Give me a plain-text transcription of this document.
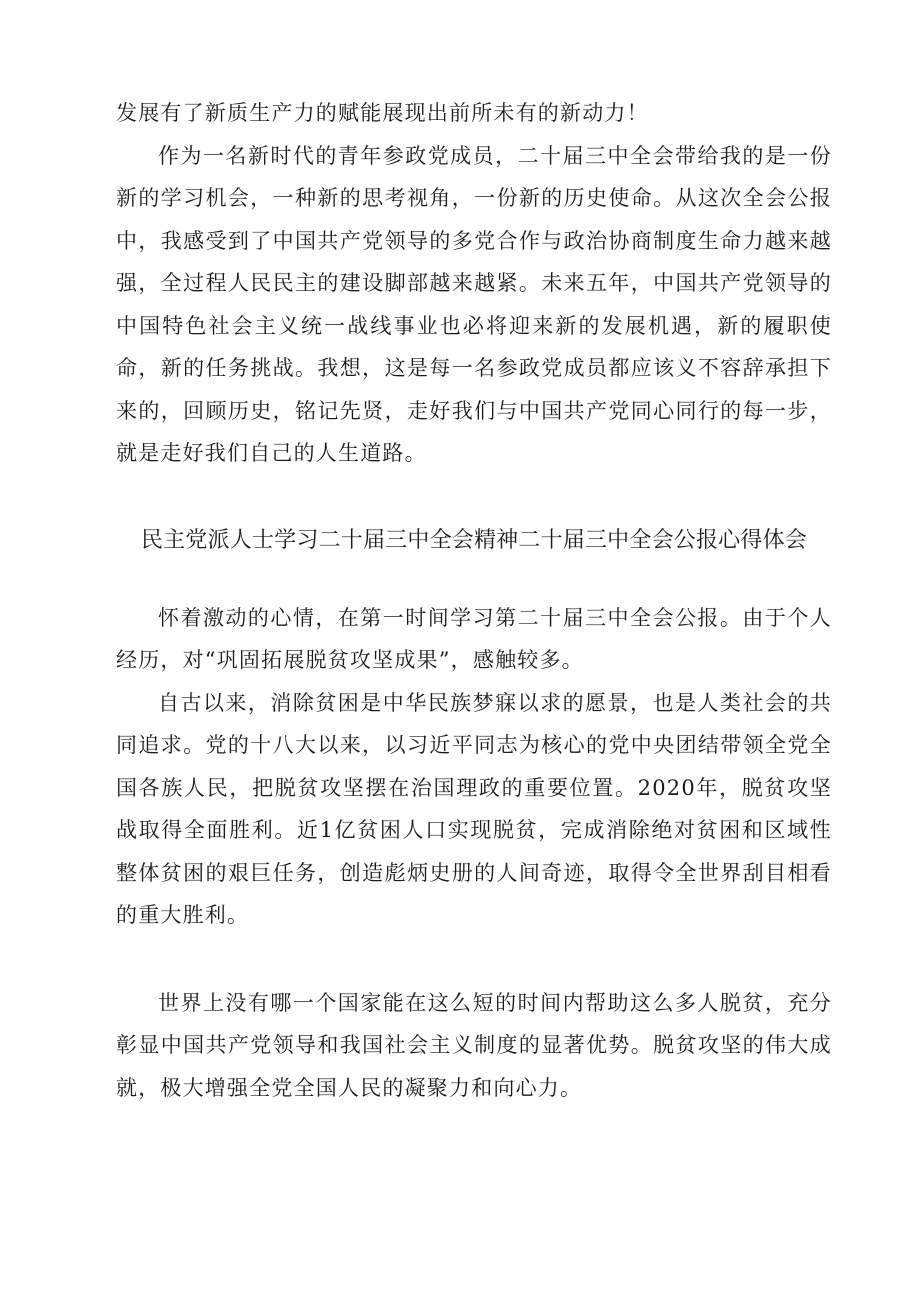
发展有了新质生产力的赋能展现出前所未有的新动力！

作为一名新时代的青年参政党成员，二十届三中全会带给我的是一份新的学习机会，一种新的思考视角，一份新的历史使命。从这次全会公报中，我感受到了中国共产党领导的多党合作与政治协商制度生命力越来越强，全过程人民民主的建设脚部越来越紧。未来五年，中国共产党领导的中国特色社会主义统一战线事业也必将迎来新的发展机遇，新的履职使命，新的任务挑战。我想，这是每一名参政党成员都应该义不容辞承担下来的，回顾历史，铭记先贤，走好我们与中国共产党同心同行的每一步，就是走好我们自己的人生道路。

民主党派人士学习二十届三中全会精神二十届三中全会公报心得体会

怀着激动的心情，在第一时间学习第二十届三中全会公报。由于个人经历，对“巩固拓展脱贫攻坚成果”，感触较多。

自古以来，消除贫困是中华民族梦寐以求的愿景，也是人类社会的共同追求。党的十八大以来，以习近平同志为核心的党中央团结带领全党全国各族人民，把脱贫攻坚摆在治国理政的重要位置。2020年，脱贫攻坚战取得全面胜利。近1亿贫困人口实现脱贫，完成消除绝对贫困和区域性整体贫困的艰巨任务，创造彪炳史册的人间奇迹，取得令全世界刮目相看的重大胜利。

世界上没有哪一个国家能在这么短的时间内帮助这么多人脱贫，充分彰显中国共产党领导和我国社会主义制度的显著优势。脱贫攻坚的伟大成就，极大增强全党全国人民的凝聚力和向心力。
